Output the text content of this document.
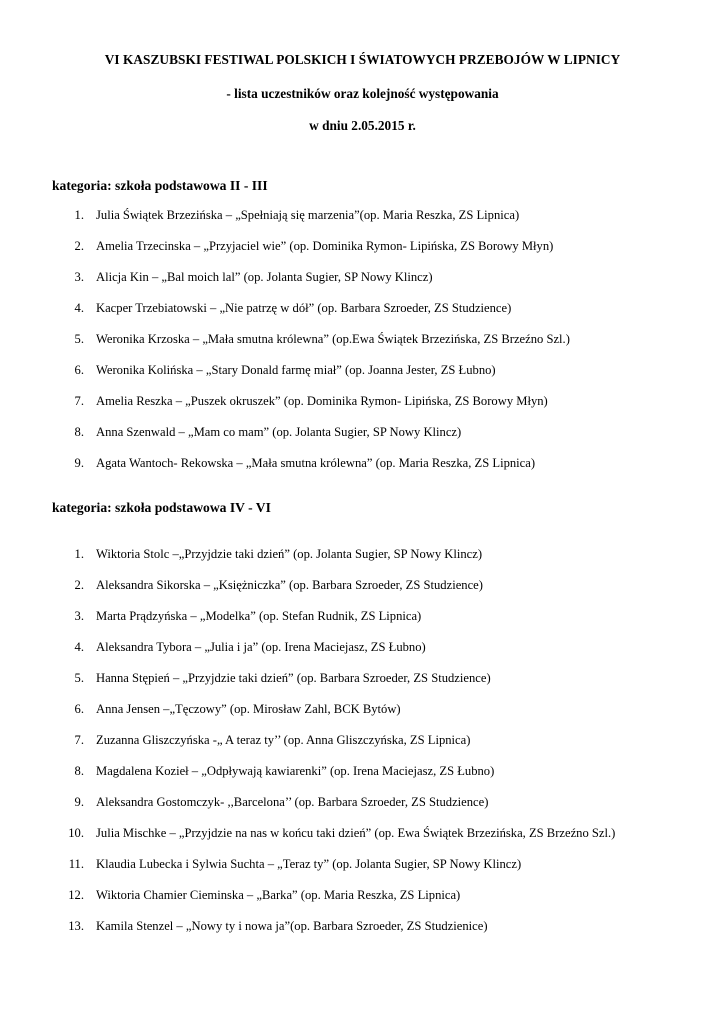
VI KASZUBSKI FESTIWAL POLSKICH I ŚWIATOWYCH PRZEBOJÓW W LIPNICY
- lista uczestników oraz kolejność występowania
w dniu 2.05.2015 r.
kategoria: szkoła podstawowa II - III
1. Julia Świątek Brzezińska – „Spełniają się marzenia”(op. Maria Reszka, ZS Lipnica)
2. Amelia Trzecinska – „Przyjaciel wie” (op. Dominika Rymon- Lipińska, ZS Borowy Młyn)
3. Alicja Kin – „Bal moich lal” (op. Jolanta Sugier, SP Nowy Klincz)
4. Kacper Trzebiatowski – „Nie patrzę w dół” (op. Barbara Szroeder, ZS Studzience)
5. Weronika Krzoska – „Mała smutna królewna” (op.Ewa Świątek Brzezińska, ZS Brzeźno Szl.)
6. Weronika Kolińska – „Stary Donald farmę miał” (op. Joanna Jester, ZS Łubno)
7. Amelia Reszka – „Puszek okruszek” (op. Dominika Rymon- Lipińska, ZS Borowy Młyn)
8. Anna Szenwald – „Mam co mam” (op. Jolanta Sugier, SP Nowy Klincz)
9. Agata Wantoch- Rekowska – „Mała smutna królewna” (op. Maria Reszka, ZS Lipnica)
kategoria: szkoła podstawowa IV - VI
1. Wiktoria Stolc –„Przyjdzie taki dzień” (op. Jolanta Sugier, SP Nowy Klincz)
2. Aleksandra Sikorska – „Księżniczka” (op. Barbara Szroeder, ZS Studzience)
3. Marta Prądzyńska – „Modelka” (op. Stefan Rudnik, ZS Lipnica)
4. Aleksandra Tybora – „Julia i ja” (op. Irena Maciejasz, ZS Łubno)
5. Hanna Stępień – „Przyjdzie taki dzień” (op. Barbara Szroeder, ZS Studzience)
6. Anna Jensen –„Tęczowy” (op. Mirosław Zahl, BCK Bytów)
7. Zuzanna Gliszczyńska -„ A teraz ty’’ (op. Anna Gliszczyńska, ZS Lipnica)
8. Magdalena Kozieł – „Odpływają kawiarenki” (op. Irena Maciejasz, ZS Łubno)
9. Aleksandra Gostomczyk- ,,Barcelona’’ (op. Barbara Szroeder, ZS Studzience)
10. Julia Mischke – „Przyjdzie na nas w końcu taki dzień” (op. Ewa Świątek Brzezińska, ZS Brzeźno Szl.)
11. Klaudia Lubecka i Sylwia Suchta – „Teraz ty” (op. Jolanta Sugier, SP Nowy Klincz)
12. Wiktoria Chamier Cieminska – „Barka” (op. Maria Reszka, ZS Lipnica)
13. Kamila Stenzel – „Nowy ty i nowa ja”(op. Barbara Szroeder, ZS Studzienice)
